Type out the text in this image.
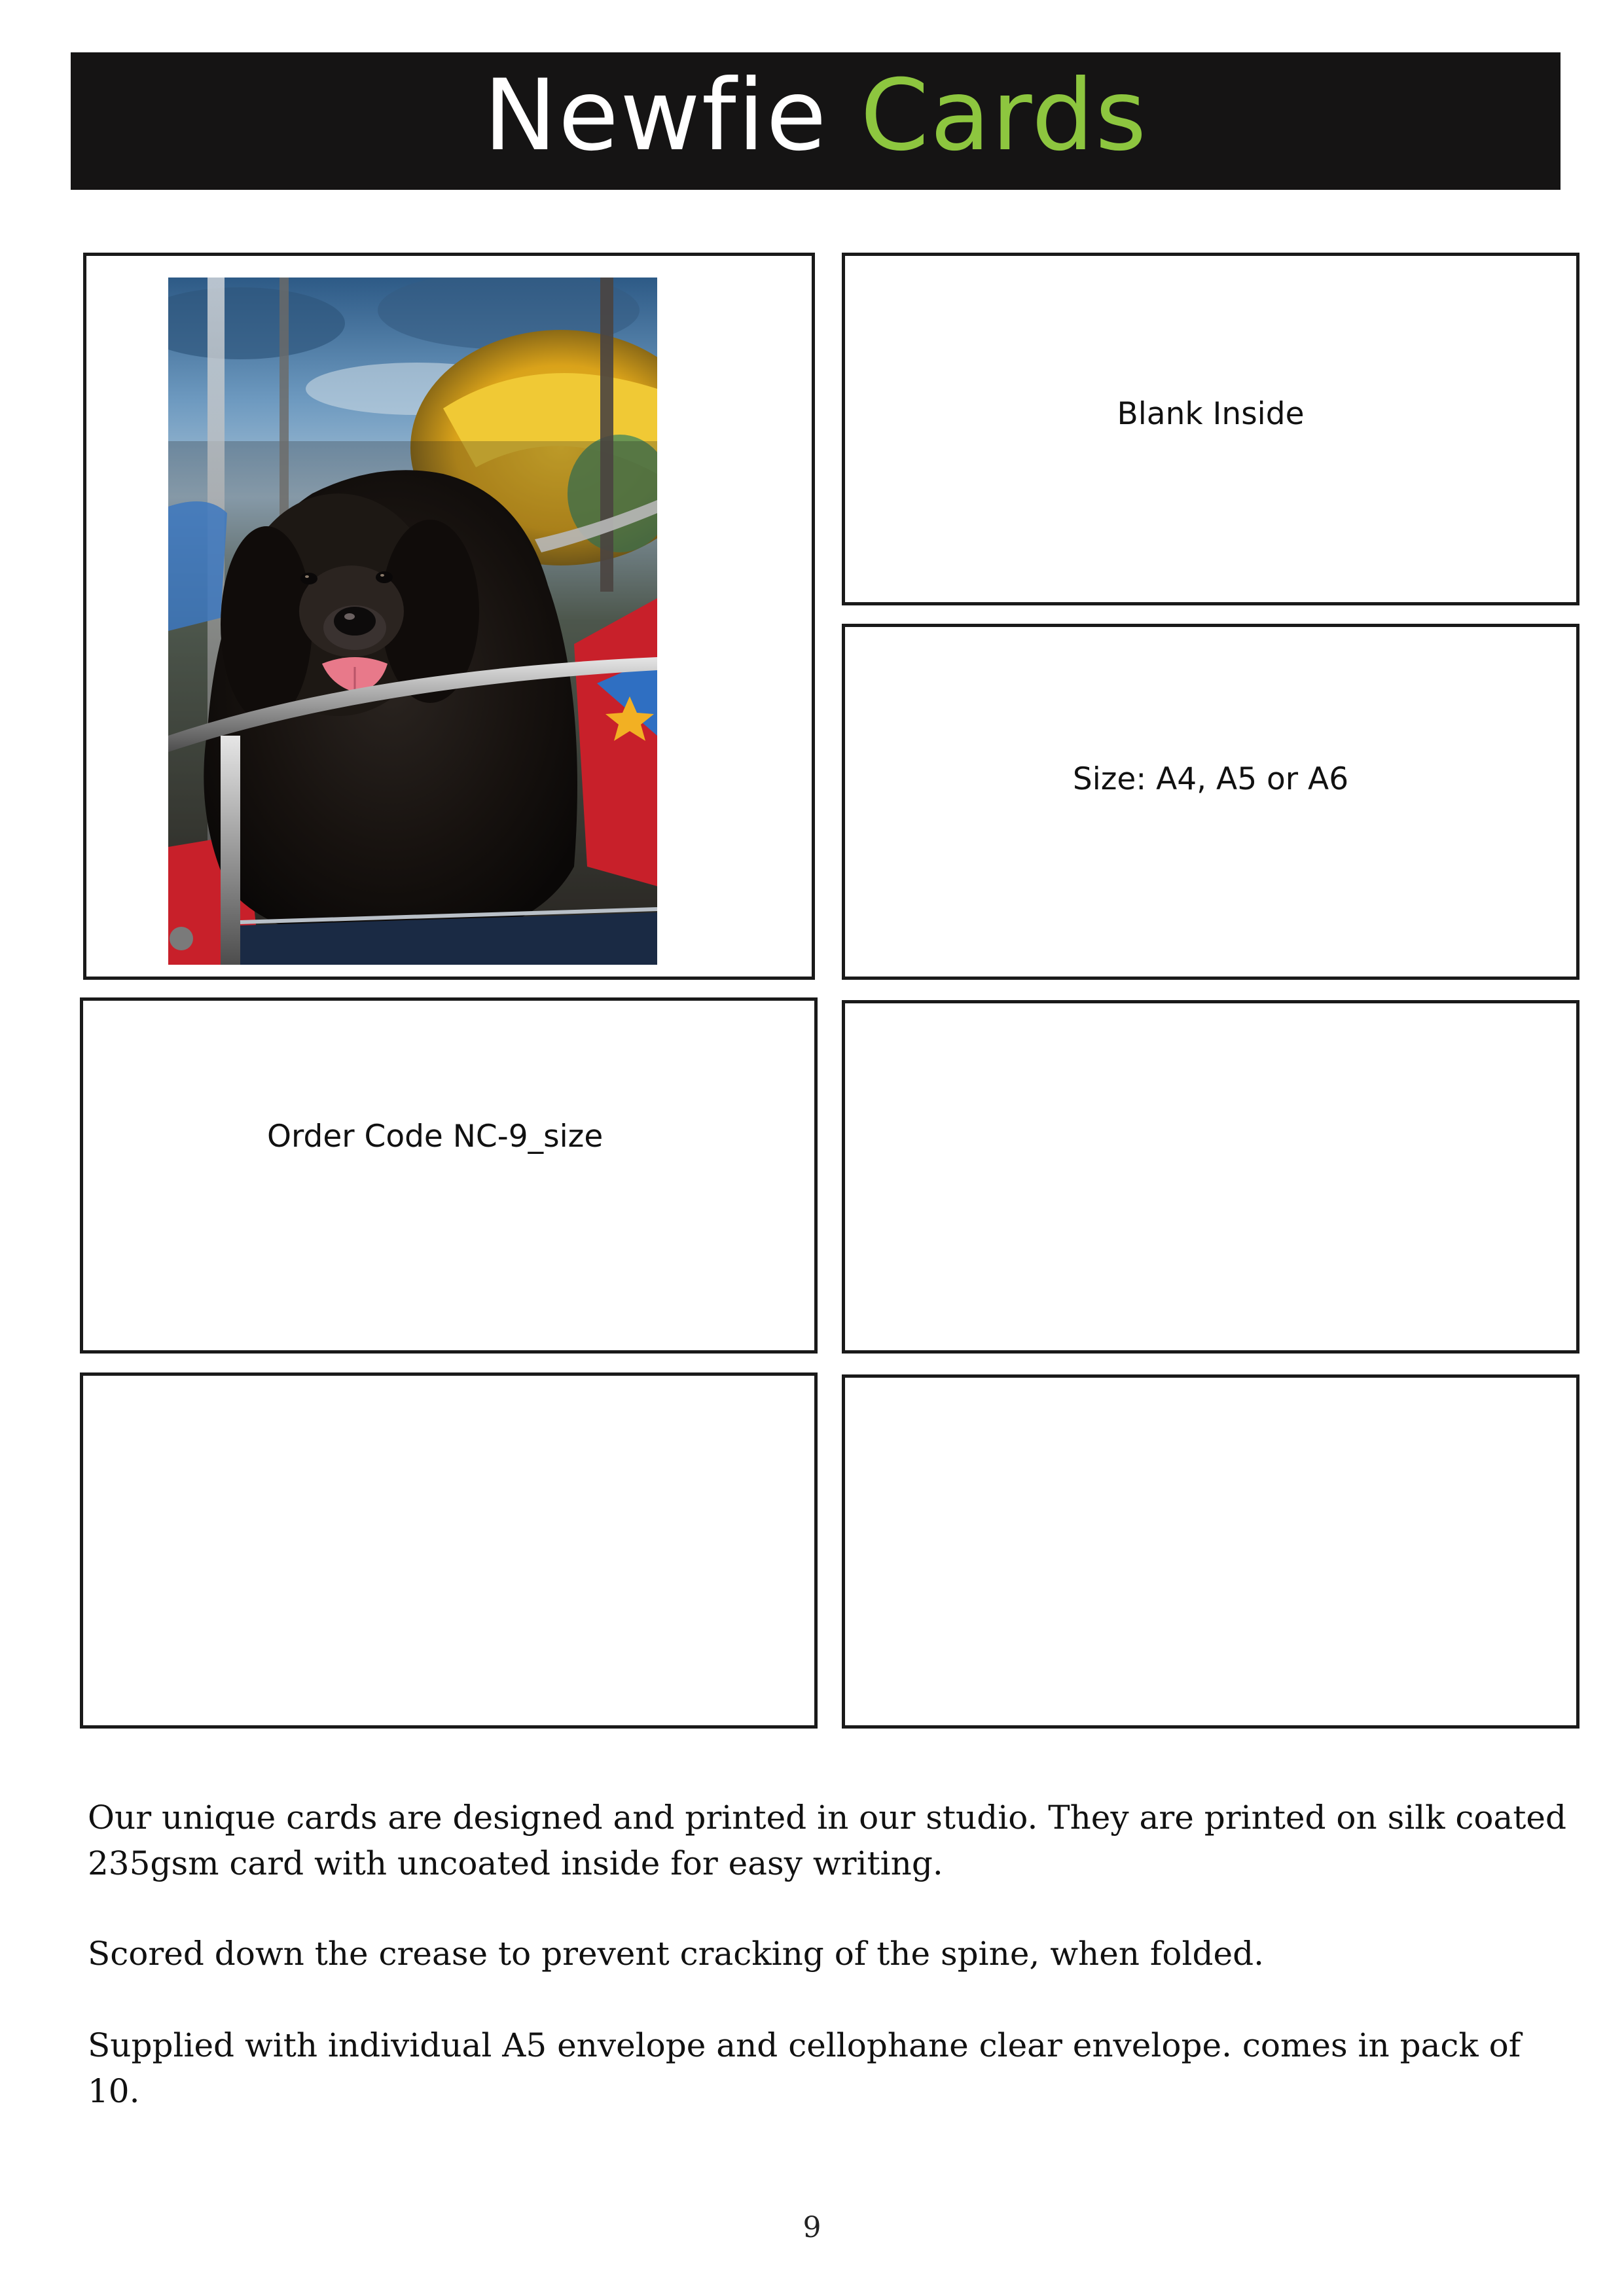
Newfie Cards
Blank Inside
Size: A4, A5 or A6
Order Code NC-9_size

Our unique cards are designed and printed in our studio. They are printed on silk coated 235gsm card with uncoated inside for easy writing.

Scored down the crease to prevent cracking of the spine, when folded.

Supplied with individual A5 envelope and cellophane clear envelope. comes in pack of 10.

9
